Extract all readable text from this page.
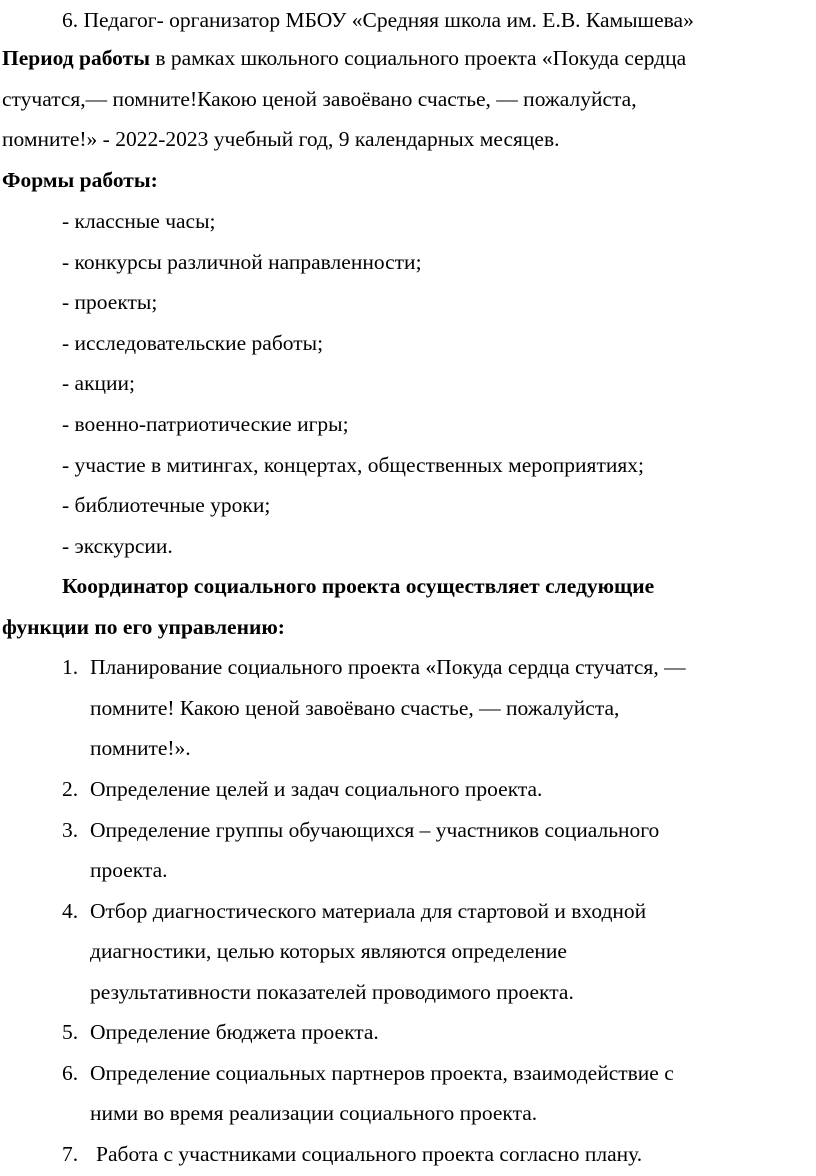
6. Педагог- организатор МБОУ «Средняя школа им. Е.В. Камышева»
Период работы в рамках школьного социального проекта «Покуда сердца
стучатся,— помните!Какою ценой завоёвано счастье, — пожалуйста,
помните!» - 2022-2023 учебный год, 9 календарных месяцев.
Формы работы:
- классные часы;
- конкурсы различной направленности;
- проекты;
- исследовательские работы;
- акции;
- военно-патриотические игры;
- участие в митингах, концертах, общественных мероприятиях;
- библиотечные уроки;
- экскурсии.
Координатор социального проекта осуществляет следующие
функции по его управлению:
1. Планирование социального проекта «Покуда сердца стучатся, —
помните! Какою ценой завоёвано счастье, — пожалуйста,
помните!».
2. Определение целей и задач социального проекта.
3. Определение группы обучающихся – участников социального
проекта.
4. Отбор диагностического материала для стартовой и входной
диагностики, целью которых являются определение
результативности показателей проводимого проекта.
5. Определение бюджета проекта.
6. Определение социальных партнеров проекта, взаимодействие с
ними во время реализации социального проекта.
7. Работа с участниками социального проекта согласно плану.
